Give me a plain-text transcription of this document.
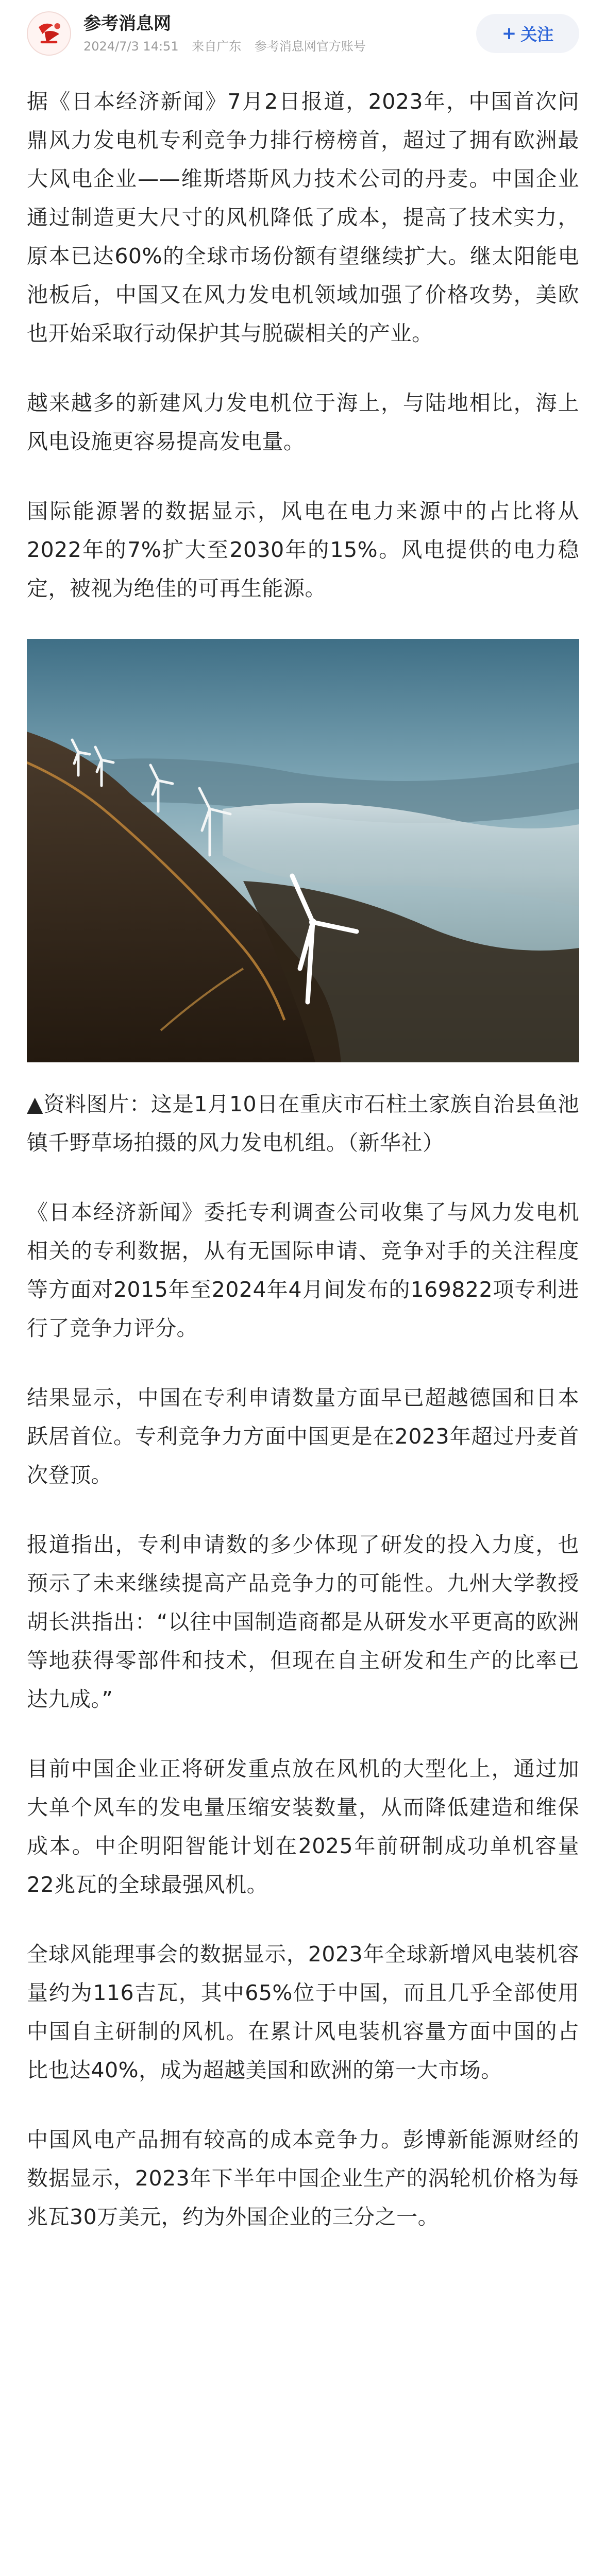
参考消息网
2024/7/3 14:51 来自广东 参考消息网官方账号
+ 关注

据《日本经济新闻》7月2日报道，2023年，中国首次问鼎风力发电机专利竞争力排行榜榜首，超过了拥有欧洲最大风电企业——维斯塔斯风力技术公司的丹麦。中国企业通过制造更大尺寸的风机降低了成本，提高了技术实力，原本已达60%的全球市场份额有望继续扩大。继太阳能电池板后，中国又在风力发电机领域加强了价格攻势，美欧也开始采取行动保护其与脱碳相关的产业。

越来越多的新建风力发电机位于海上，与陆地相比，海上风电设施更容易提高发电量。

国际能源署的数据显示，风电在电力来源中的占比将从2022年的7%扩大至2030年的15%。风电提供的电力稳定，被视为绝佳的可再生能源。

▲资料图片：这是1月10日在重庆市石柱土家族自治县鱼池镇千野草场拍摄的风力发电机组。（新华社）

《日本经济新闻》委托专利调查公司收集了与风力发电机相关的专利数据，从有无国际申请、竞争对手的关注程度等方面对2015年至2024年4月间发布的169822项专利进行了竞争力评分。

结果显示，中国在专利申请数量方面早已超越德国和日本跃居首位。专利竞争力方面中国更是在2023年超过丹麦首次登顶。

报道指出，专利申请数的多少体现了研发的投入力度，也预示了未来继续提高产品竞争力的可能性。九州大学教授胡长洪指出：“以往中国制造商都是从研发水平更高的欧洲等地获得零部件和技术，但现在自主研发和生产的比率已达九成。”

目前中国企业正将研发重点放在风机的大型化上，通过加大单个风车的发电量压缩安装数量，从而降低建造和维保成本。中企明阳智能计划在2025年前研制成功单机容量22兆瓦的全球最强风机。

全球风能理事会的数据显示，2023年全球新增风电装机容量约为116吉瓦，其中65%位于中国，而且几乎全部使用中国自主研制的风机。在累计风电装机容量方面中国的占比也达40%，成为超越美国和欧洲的第一大市场。

中国风电产品拥有较高的成本竞争力。彭博新能源财经的数据显示，2023年下半年中国企业生产的涡轮机价格为每兆瓦30万美元，约为外国企业的三分之一。
